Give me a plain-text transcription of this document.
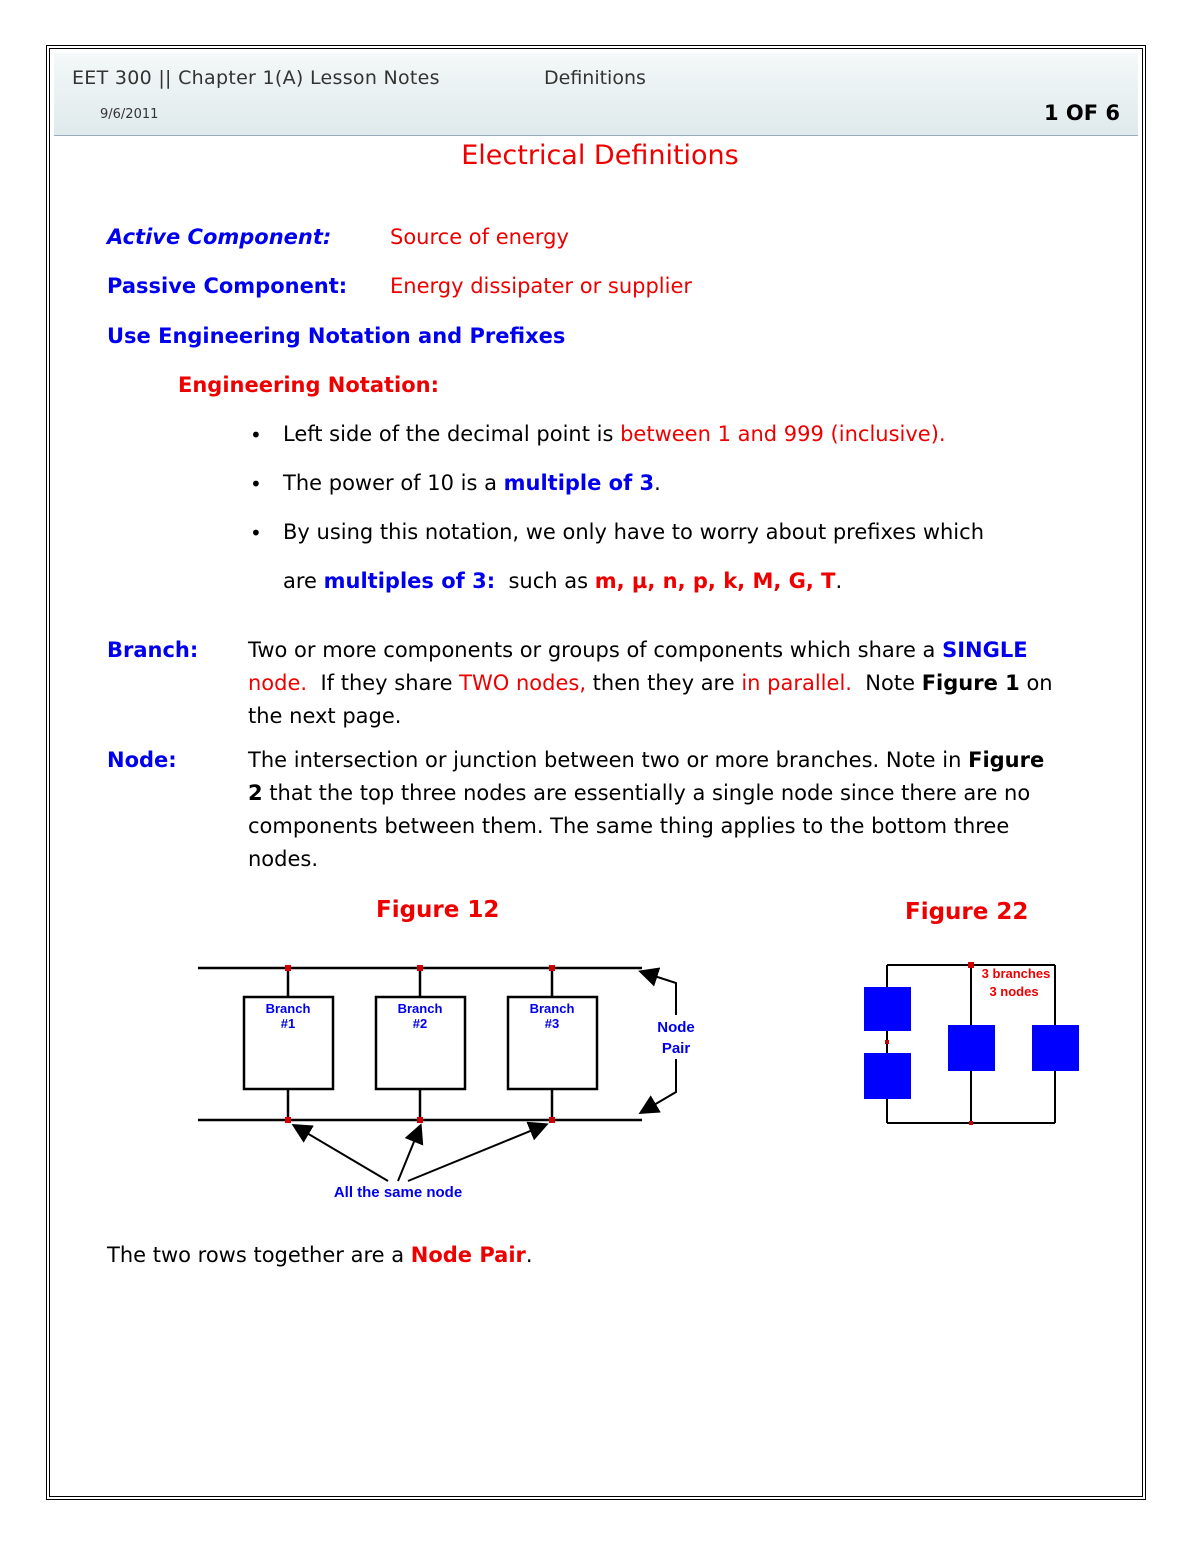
EET 300 || Chapter 1(A) Lesson Notes	Definitions
9/6/2011	1 OF 6
Electrical Definitions
Active Component:	Source of energy
Passive Component: Energy dissipater or supplier
Use Engineering Notation and Prefixes
Engineering Notation:
• Left side of the decimal point is between 1 and 999 (inclusive).
• The power of 10 is a multiple of 3.
• By using this notation, we only have to worry about prefixes which
are multiples of 3:  such as m, µ, n, p, k, M, G, T.
Branch: Two or more components or groups of components which share a SINGLE
node.  If they share TWO nodes, then they are in parallel.  Note Figure 1 on
the next page.
Node:	The intersection or junction between two or more branches. Note in Figure
2 that the top three nodes are essentially a single node since there are no
components between them. The same thing applies to the bottom three
nodes.
Figure 12	Figure 22
Branch
#1
Branch
#2
Branch
#3	Node
Pair
All the same node
3 branches
3 nodes
The two rows together are a Node Pair.
